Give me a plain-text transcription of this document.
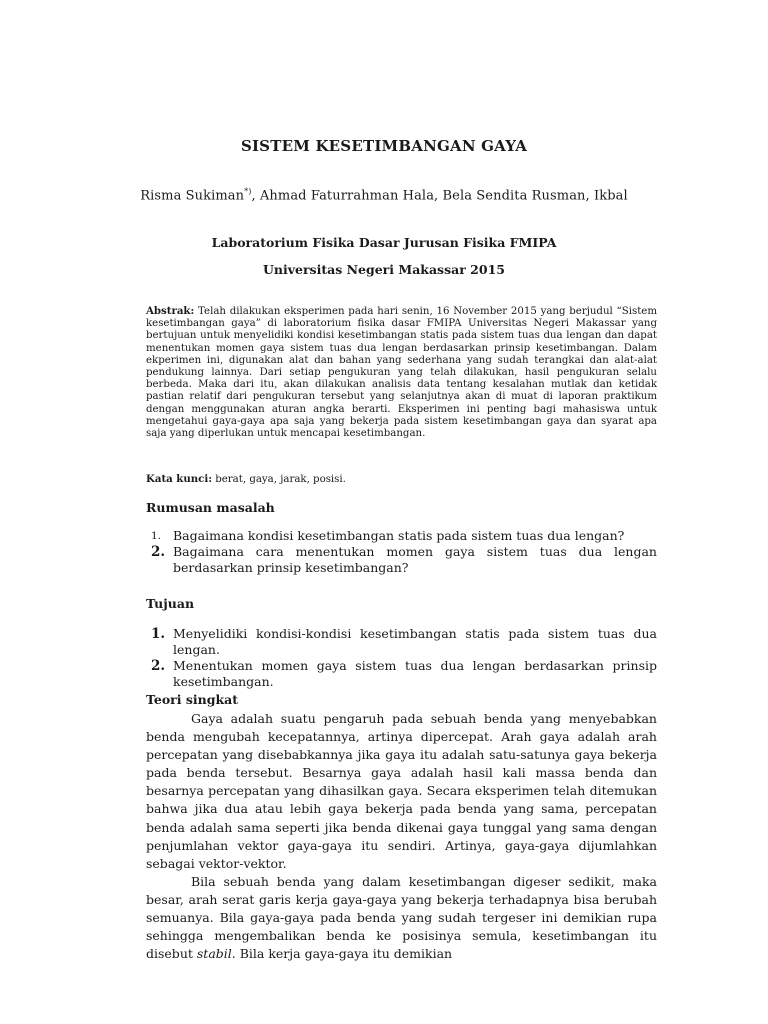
SISTEM KESETIMBANGAN GAYA
Risma Sukiman*), Ahmad Faturrahman Hala, Bela Sendita Rusman, Ikbal
Laboratorium Fisika Dasar Jurusan Fisika FMIPA
Universitas Negeri Makassar 2015
Abstrak: Telah dilakukan eksperimen pada hari senin, 16 November 2015 yang berjudul “Sistem kesetimbangan gaya” di laboratorium fisika dasar FMIPA Universitas Negeri Makassar yang bertujuan untuk menyelidiki kondisi kesetimbangan statis pada sistem tuas dua lengan dan dapat menentukan momen gaya sistem tuas dua lengan berdasarkan prinsip kesetimbangan. Dalam ekperimen ini, digunakan alat dan bahan yang sederhana yang sudah terangkai dan alat-alat pendukung lainnya. Dari setiap pengukuran yang telah dilakukan, hasil pengukuran selalu berbeda. Maka dari itu, akan dilakukan analisis data tentang kesalahan mutlak dan ketidak pastian relatif dari pengukuran tersebut yang selanjutnya akan di muat di laporan praktikum dengan menggunakan aturan angka berarti. Eksperimen ini penting bagi mahasiswa untuk mengetahui gaya-gaya apa saja yang bekerja pada sistem kesetimbangan gaya dan syarat apa saja yang diperlukan untuk mencapai kesetimbangan.
Kata kunci: berat, gaya, jarak, posisi.
Rumusan masalah
1. Bagaimana kondisi kesetimbangan statis pada sistem tuas dua lengan?
2. Bagaimana cara menentukan momen gaya sistem tuas dua lengan berdasarkan prinsip kesetimbangan?
Tujuan
1. Menyelidiki kondisi-kondisi kesetimbangan statis pada sistem tuas dua lengan.
2. Menentukan momen gaya sistem tuas dua lengan berdasarkan prinsip kesetimbangan.
Teori singkat

Gaya adalah suatu pengaruh pada sebuah benda yang menyebabkan benda mengubah kecepatannya, artinya dipercepat. Arah gaya adalah arah percepatan yang disebabkannya jika gaya itu adalah satu-satunya gaya bekerja pada benda tersebut. Besarnya gaya adalah hasil kali massa benda dan besarnya percepatan yang dihasilkan gaya. Secara eksperimen telah ditemukan bahwa jika dua atau lebih gaya bekerja pada benda yang sama, percepatan benda adalah sama seperti jika benda dikenai gaya tunggal yang sama dengan penjumlahan vektor gaya-gaya itu sendiri. Artinya, gaya-gaya dijumlahkan sebagai vektor-vektor.

Bila sebuah benda yang dalam kesetimbangan digeser sedikit, maka besar, arah serat garis kerja gaya-gaya yang bekerja terhadapnya bisa berubah semuanya. Bila gaya-gaya pada benda yang sudah tergeser ini demikian rupa sehingga mengembalikan benda ke posisinya semula, kesetimbangan itu disebut stabil. Bila kerja gaya-gaya itu demikian
